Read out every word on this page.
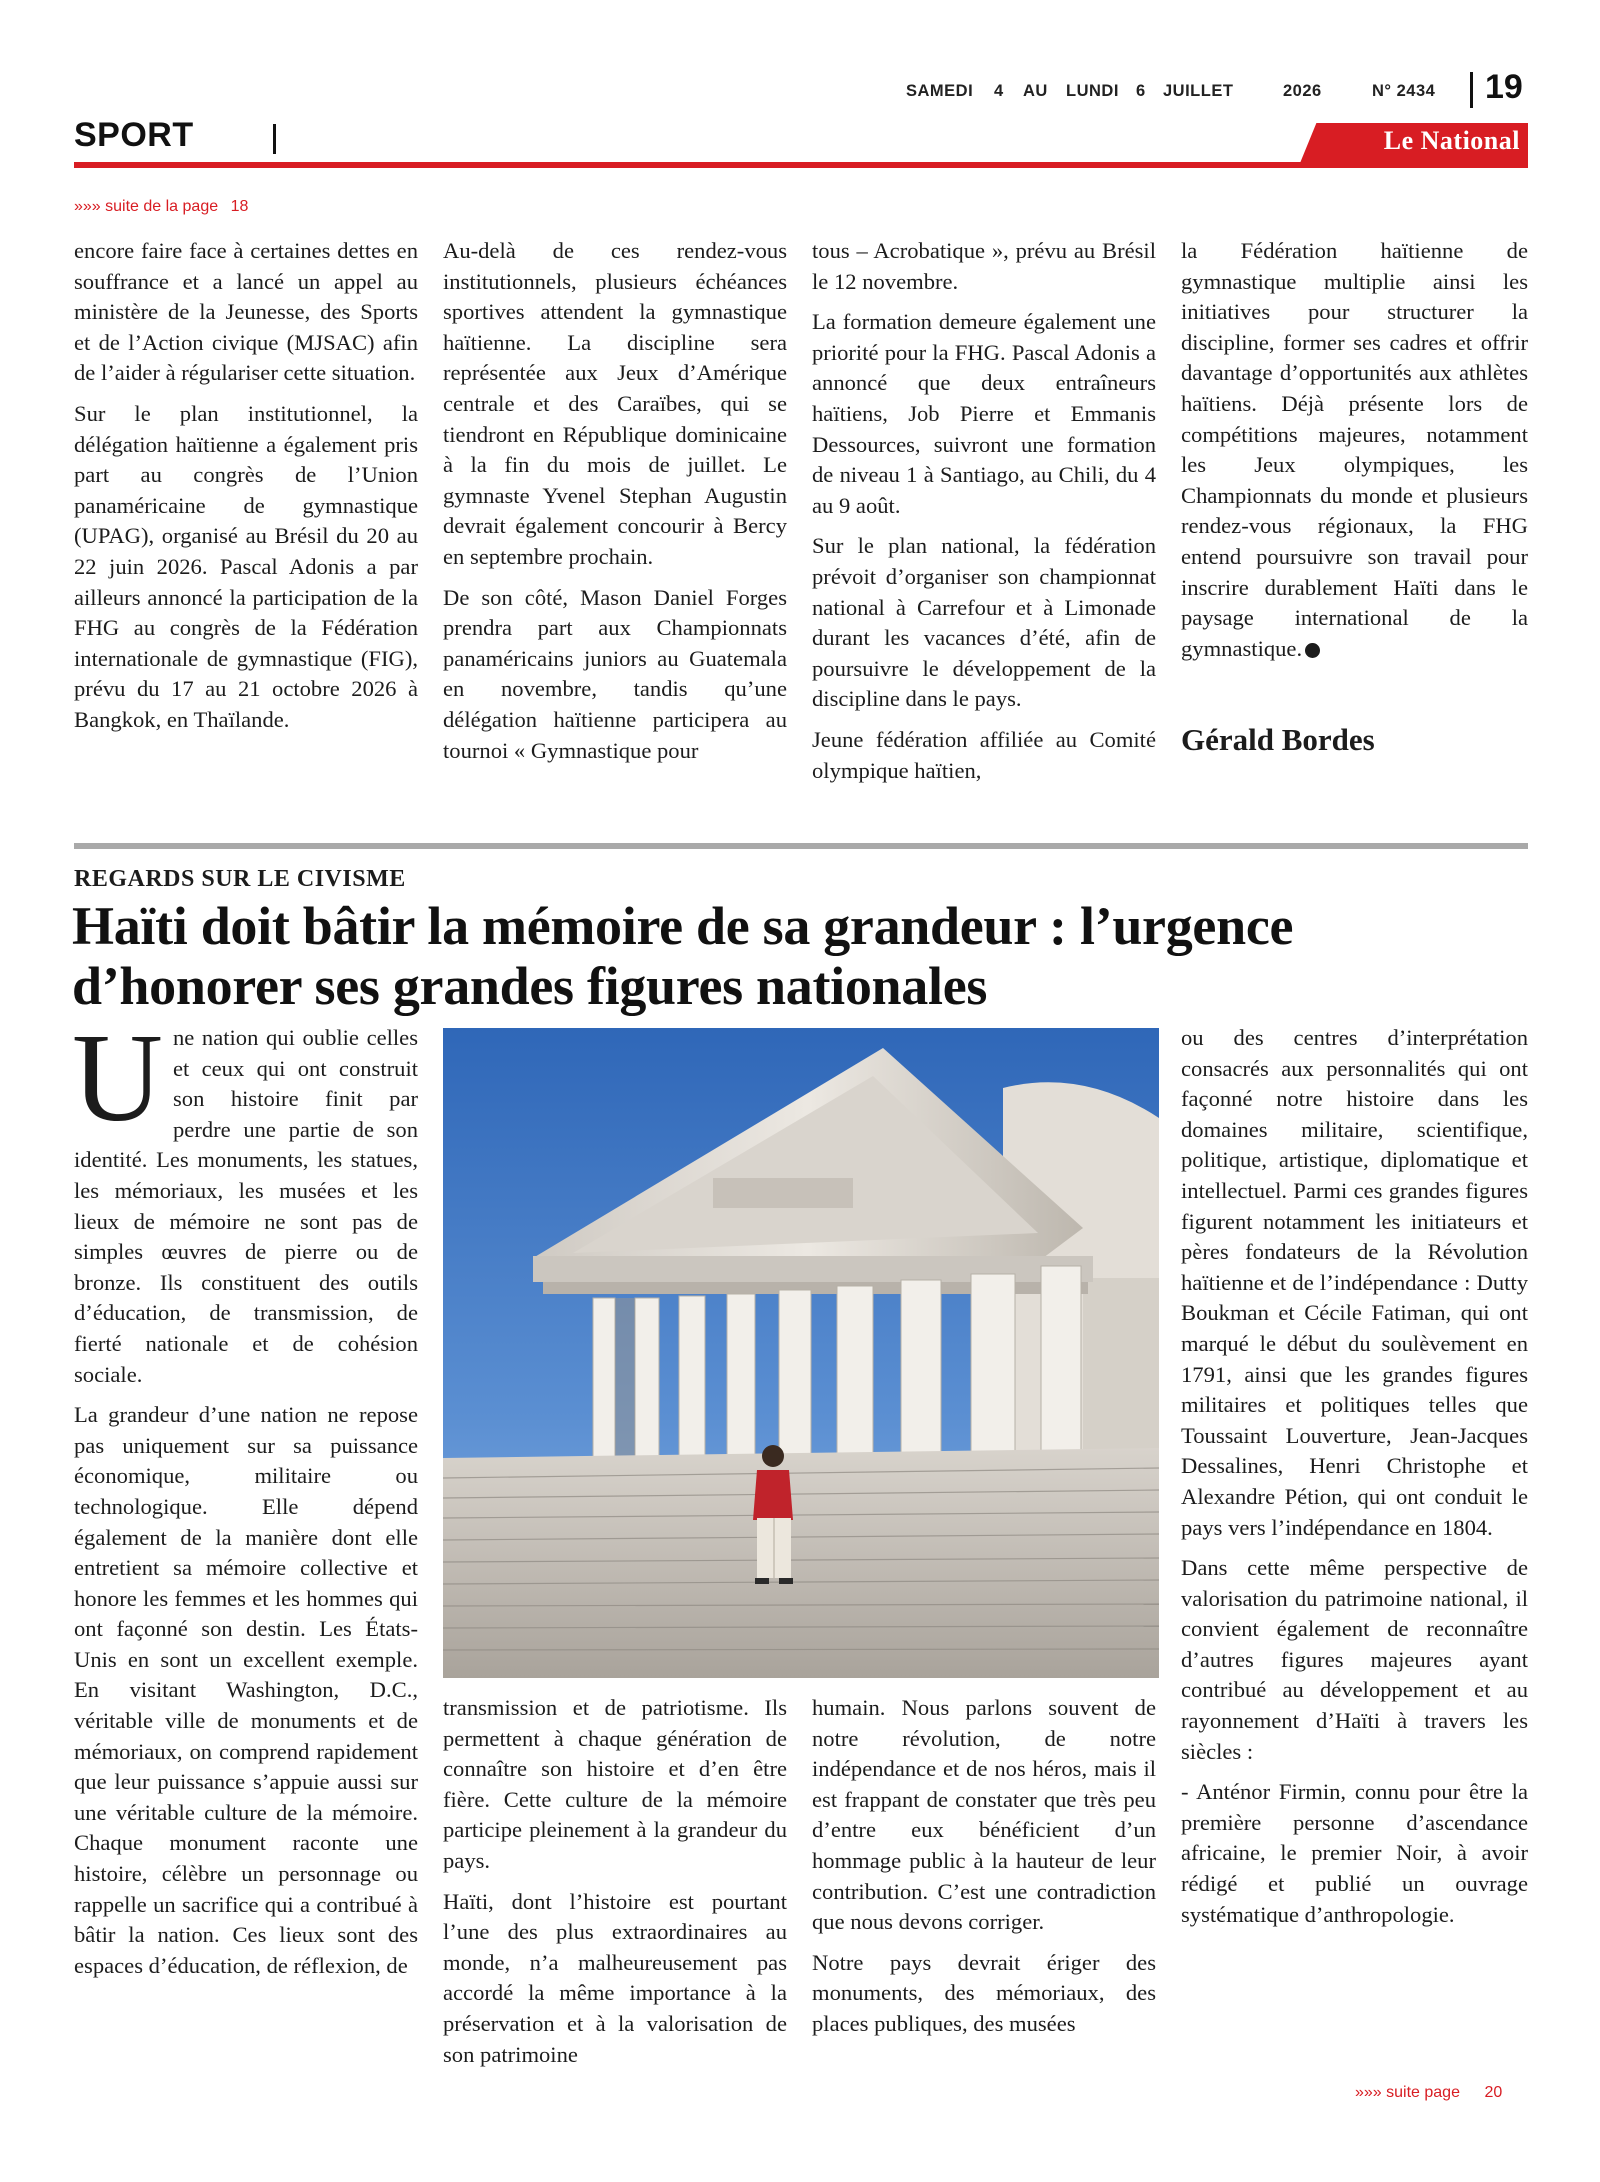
SAMEDI 4 AU LUNDI 6 JUILLET	2026	N° 2434 19
SPORT	Le National
»»» suite de la page 18

encore faire face à certaines dettes en souffrance et a lancé un appel au ministère de la Jeunesse, des Sports et de l’Action civique (MJSAC) afin de l’aider à régulariser cette situation.

Sur le plan institutionnel, la délégation haïtienne a également pris part au congrès de l’Union panaméricaine de gymnastique (UPAG), organisé au Brésil du 20 au 22 juin 2026. Pascal Adonis a par ailleurs annoncé la participation de la FHG au congrès de la Fédération internationale de gymnastique (FIG), prévu du 17 au 21 octobre 2026 à Bangkok, en Thaïlande.

Au-delà de ces rendez-vous institutionnels, plusieurs échéances sportives attendent la gymnastique haïtienne. La discipline sera représentée aux Jeux d’Amérique centrale et des Caraïbes, qui se tiendront en République dominicaine à la fin du mois de juillet. Le gymnaste Yvenel Stephan Augustin devrait également concourir à Bercy en septembre prochain.

De son côté, Mason Daniel Forges prendra part aux Championnats panaméricains juniors au Guatemala en novembre, tandis qu’une délégation haïtienne participera au tournoi « Gymnastique pour

tous – Acrobatique », prévu au Brésil le 12 novembre.

La formation demeure également une priorité pour la FHG. Pascal Adonis a annoncé que deux entraîneurs haïtiens, Job Pierre et Emmanis Dessources, suivront une formation de niveau 1 à Santiago, au Chili, du 4 au 9 août.

Sur le plan national, la fédération prévoit d’organiser son championnat national à Carrefour et à Limonade durant les vacances d’été, afin de poursuivre le développement de la discipline dans le pays.

Jeune fédération affiliée au Comité olympique haïtien,

la Fédération haïtienne de gymnastique multiplie ainsi les initiatives pour structurer la discipline, former ses cadres et offrir davantage d’opportunités aux athlètes haïtiens. Déjà présente lors de compétitions majeures, notamment les Jeux olympiques, les Championnats du monde et plusieurs rendez-vous régionaux, la FHG entend poursuivre son travail pour inscrire durablement Haïti dans le paysage international de la gymnastique.

Gérald Bordes
REGARDS SUR LE CIVISME
Haïti doit bâtir la mémoire de sa grandeur : l’urgence
d’honorer ses grandes figures nationales

Une nation qui oublie celles et ceux qui ont construit son histoire finit par perdre une partie de son identité. Les monuments, les statues, les mémoriaux, les musées et les lieux de mémoire ne sont pas de simples œuvres de pierre ou de bronze. Ils constituent des outils d’éducation, de transmission, de fierté nationale et de cohésion sociale.

La grandeur d’une nation ne repose pas uniquement sur sa puissance économique, militaire ou technologique. Elle dépend également de la manière dont elle entretient sa mémoire collective et honore les femmes et les hommes qui ont façonné son destin. Les États-Unis en sont un excellent exemple. En visitant Washington, D.C., véritable ville de monuments et de mémoriaux, on comprend rapidement que leur puissance s’appuie aussi sur une véritable culture de la mémoire. Chaque monument raconte une histoire, célèbre un personnage ou rappelle un sacrifice qui a contribué à bâtir la nation. Ces lieux sont des espaces d’éducation, de réflexion, de

transmission et de patriotisme. Ils permettent à chaque génération de connaître son histoire et d’en être fière. Cette culture de la mémoire participe pleinement à la grandeur du pays.

Haïti, dont l’histoire est pourtant l’une des plus extraordinaires au monde, n’a malheureusement pas accordé la même importance à la préservation et à la valorisation de son patrimoine

humain. Nous parlons souvent de notre révolution, de notre indépendance et de nos héros, mais il est frappant de constater que très peu d’entre eux bénéficient d’un hommage public à la hauteur de leur contribution. C’est une contradiction que nous devons corriger.

Notre pays devrait ériger des monuments, des mémoriaux, des places publiques, des musées

ou des centres d’interprétation consacrés aux personnalités qui ont façonné notre histoire dans les domaines militaire, scientifique, politique, artistique, diplomatique et intellectuel. Parmi ces grandes figures figurent notamment les initiateurs et pères fondateurs de la Révolution haïtienne et de l’indépendance : Dutty Boukman et Cécile Fatiman, qui ont marqué le début du soulèvement en 1791, ainsi que les grandes figures militaires et politiques telles que Toussaint Louverture, Jean-Jacques Dessalines, Henri Christophe et Alexandre Pétion, qui ont conduit le pays vers l’indépendance en 1804.

Dans cette même perspective de valorisation du patrimoine national, il convient également de reconnaître d’autres figures majeures ayant contribué au développement et au rayonnement d’Haïti à travers les siècles :

- Anténor Firmin, connu pour être la première personne d’ascendance africaine, le premier Noir, à avoir rédigé et publié un ouvrage systématique d’anthropologie.

»»» suite page 20
